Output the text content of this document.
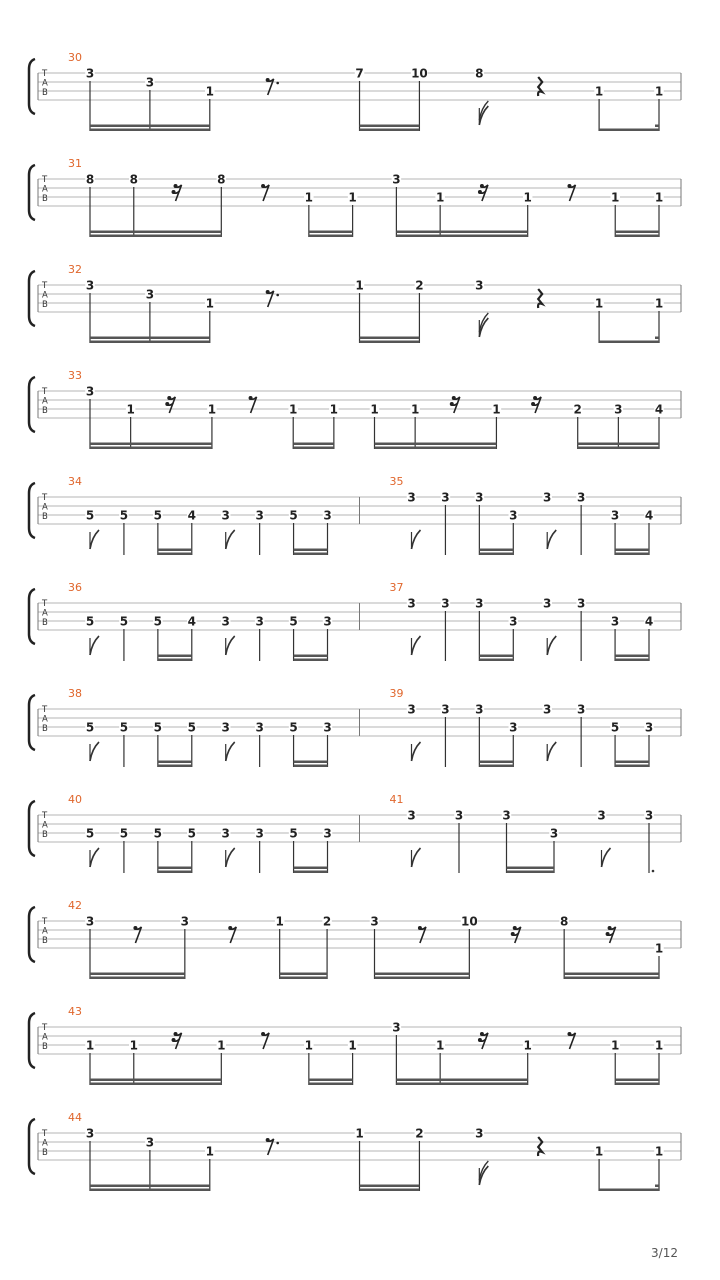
T
A
B
30
3
3
1
7	10	8
1	1
T
A
B
31
8	8	8
1	1
3
1	1	1	1
T
A
B
32
3
3
1
1	2	3
1	1
T
A
B
33
3
1	1	1	1	1	1	1	2	3	4
T
A
B
34
5 5 5 4 3 3 5 3
35
3 3 3
3
3 3
3 4
T
A
B
36
5 5 5 4 3 3 5 3
37
3 3 3
3
3 3
3 4
T
A
B
38
5 5 5 5 3 3 5 3
39
3 3 3
3
3 3
5 3
T
A
B
40
5 5 5 5 3 3 5 3
41
3	3	3
3
3	3
T
A
B
42
3	3	1	2	3	10	8
1
T
A
B
43
1	1	1	1	1
3
1	1	1	1
T
A
B
44
3
3
1
1	2	3
1	1
3/12
